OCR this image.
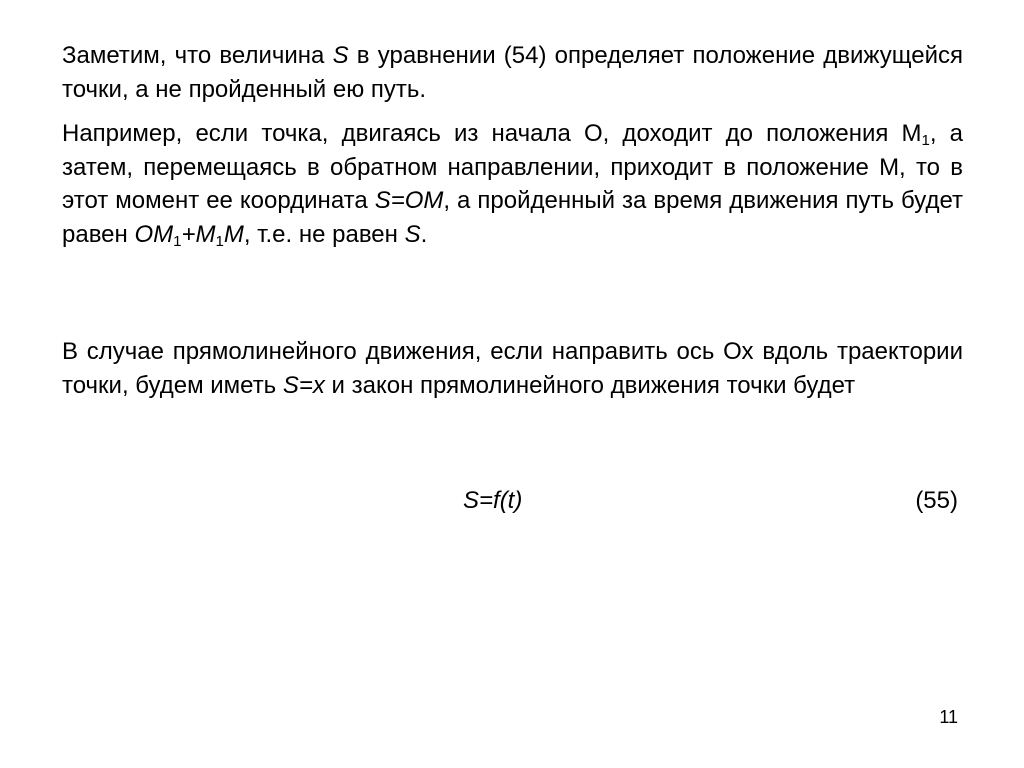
Заметим, что величина S в уравнении (54) определяет положение движущейся точки, а не пройденный ею путь.

Например, если точка, двигаясь из начала О, доходит до положения $М_1$, а затем, перемещаясь в обратном направлении, приходит в положение М, то в этот момент ее координата S=OM, а пройденный за время движения путь будет равен $OM_1+M_1M$, т.е. не равен S.

В случае прямолинейного движения, если направить ось Ох вдоль траектории точки, будем иметь S=x и закон прямолинейного движения точки будет

S=f(t)	(55)

11
